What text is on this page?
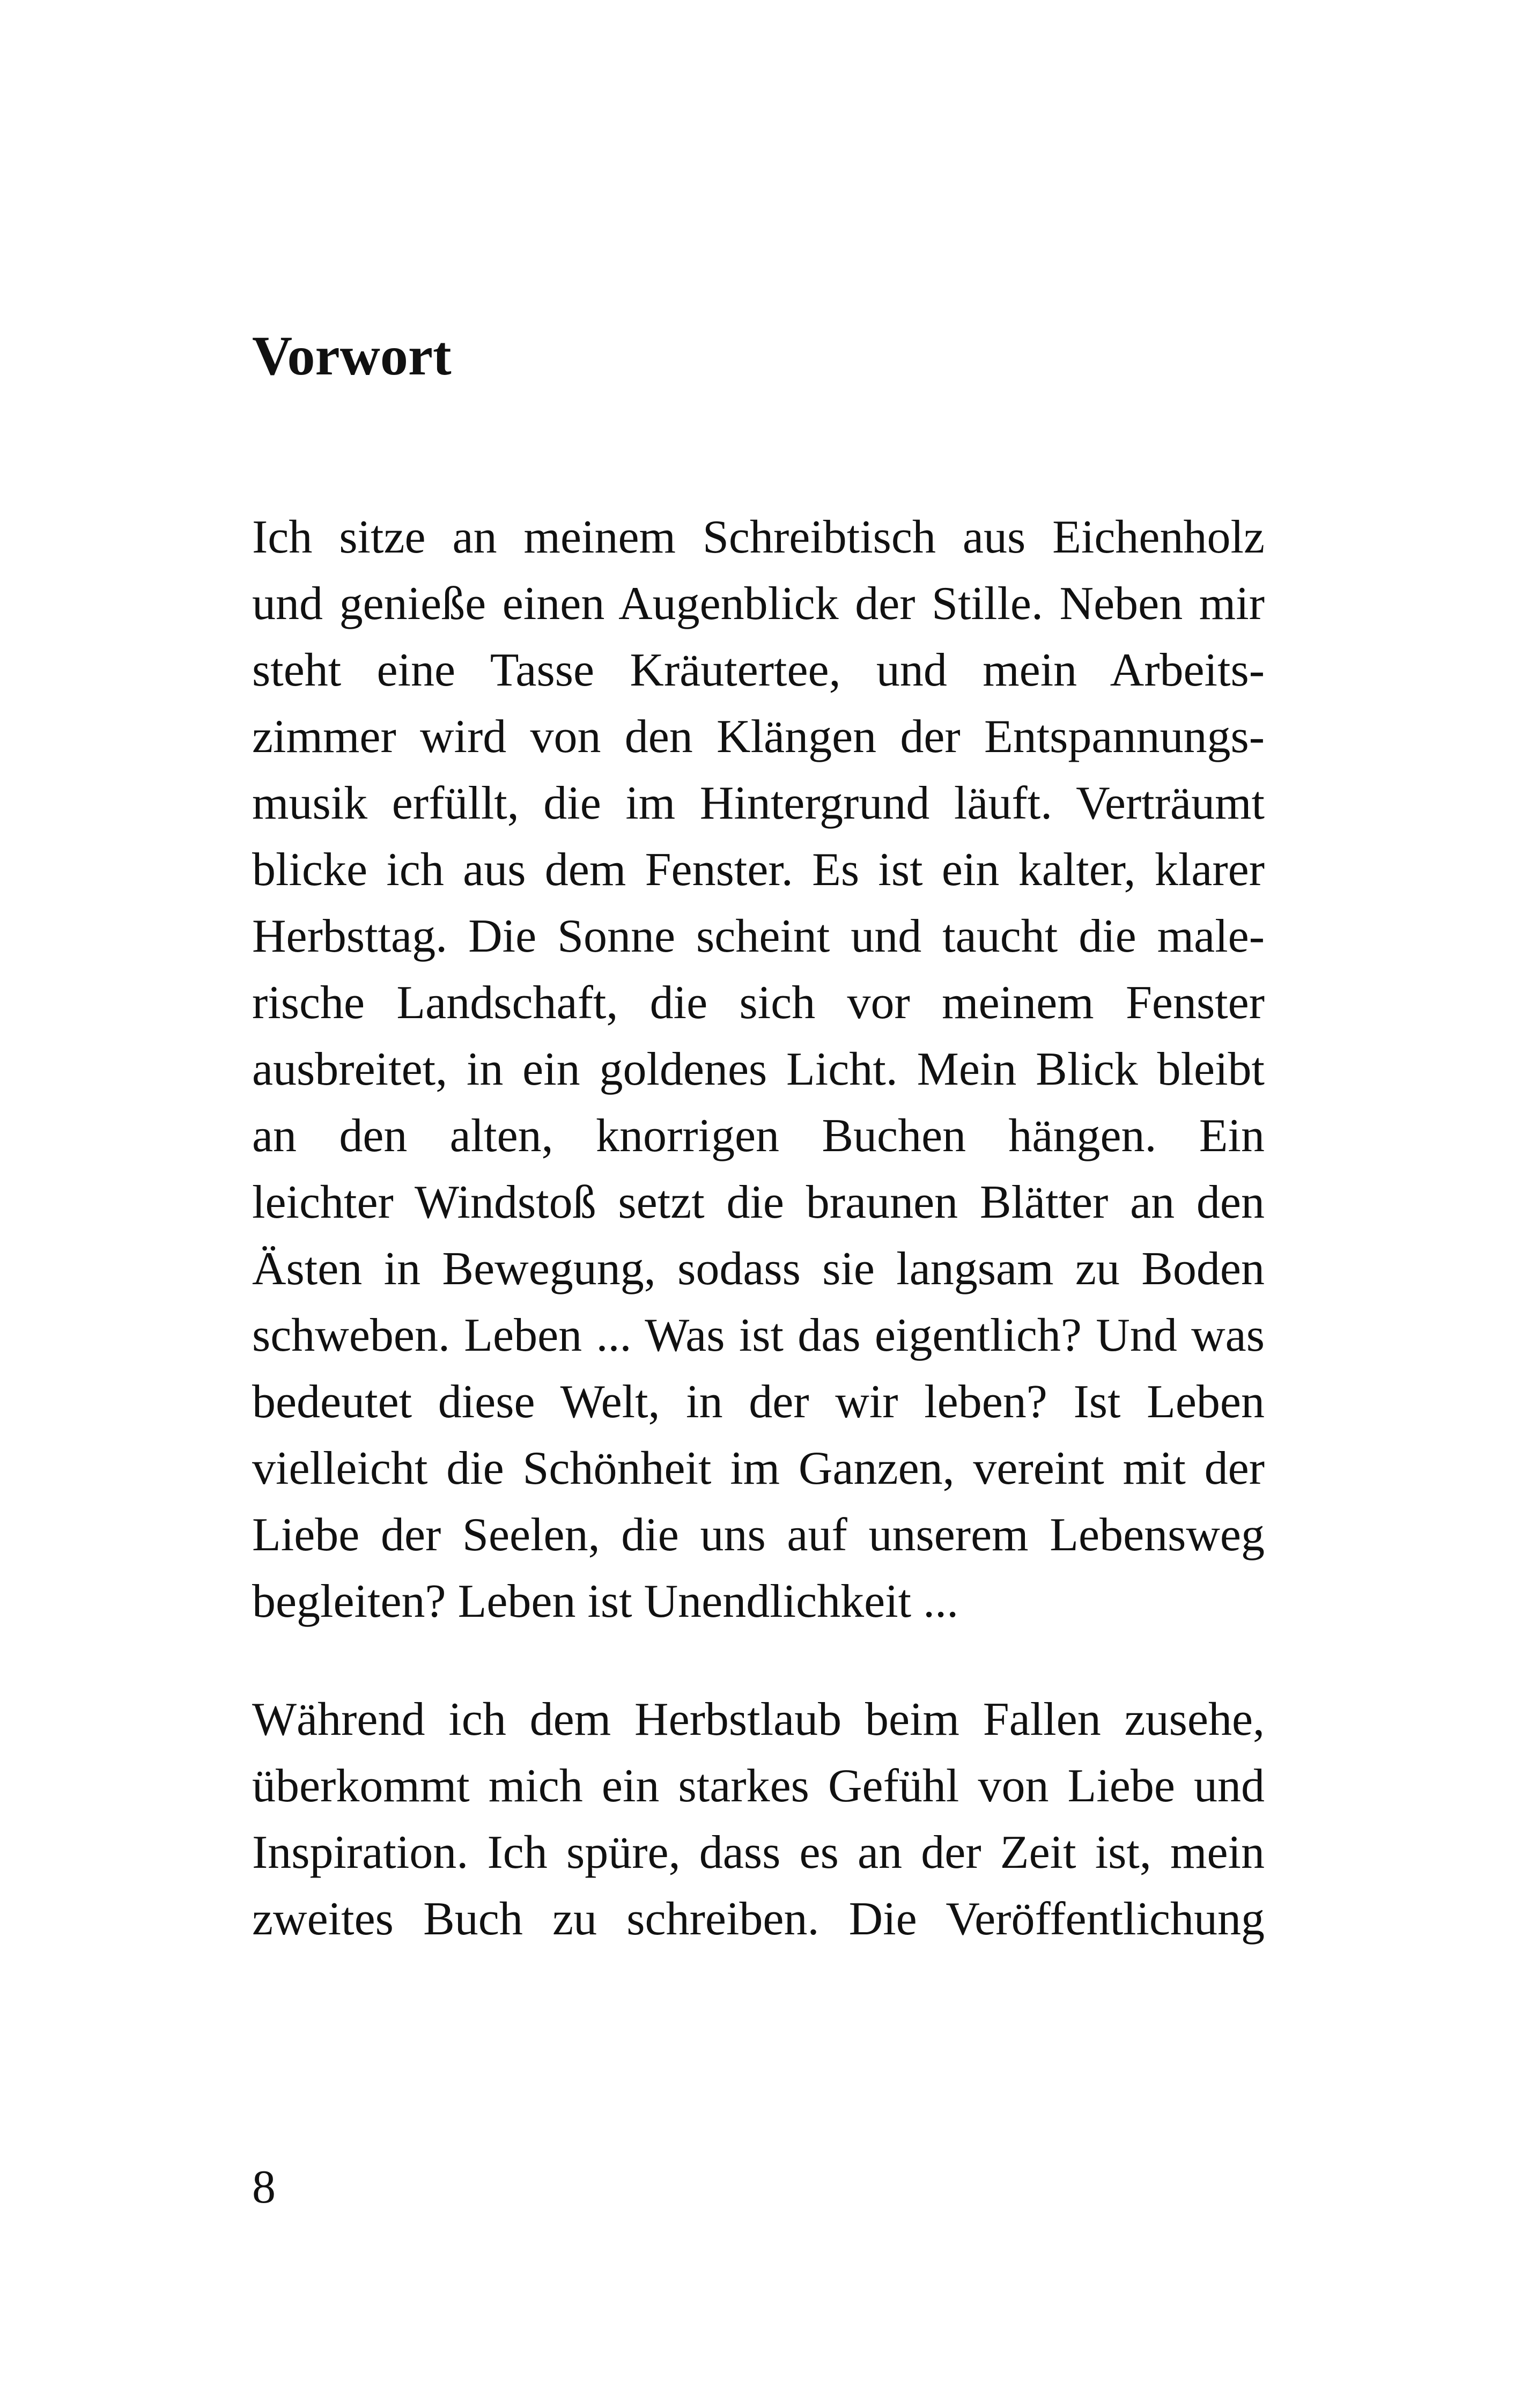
Vorwort
Ich sitze an meinem Schreibtisch aus Eichenholz
und genieße einen Augenblick der Stille. Neben mir
steht eine Tasse Kräutertee, und mein Arbeits-
zimmer wird von den Klängen der Entspannungs-
musik erfüllt, die im Hintergrund läuft. Verträumt
blicke ich aus dem Fenster. Es ist ein kalter, klarer
Herbsttag. Die Sonne scheint und taucht die male-
rische Landschaft, die sich vor meinem Fenster
ausbreitet, in ein goldenes Licht. Mein Blick bleibt
an den alten, knorrigen Buchen hängen. Ein
leichter Windstoß setzt die braunen Blätter an den
Ästen in Bewegung, sodass sie langsam zu Boden
schweben. Leben ... Was ist das eigentlich? Und was
bedeutet diese Welt, in der wir leben? Ist Leben
vielleicht die Schönheit im Ganzen, vereint mit der
Liebe der Seelen, die uns auf unserem Lebensweg
begleiten? Leben ist Unendlichkeit ...
Während ich dem Herbstlaub beim Fallen zusehe,
überkommt mich ein starkes Gefühl von Liebe und
Inspiration. Ich spüre, dass es an der Zeit ist, mein
zweites Buch zu schreiben. Die Veröffentlichung

8
